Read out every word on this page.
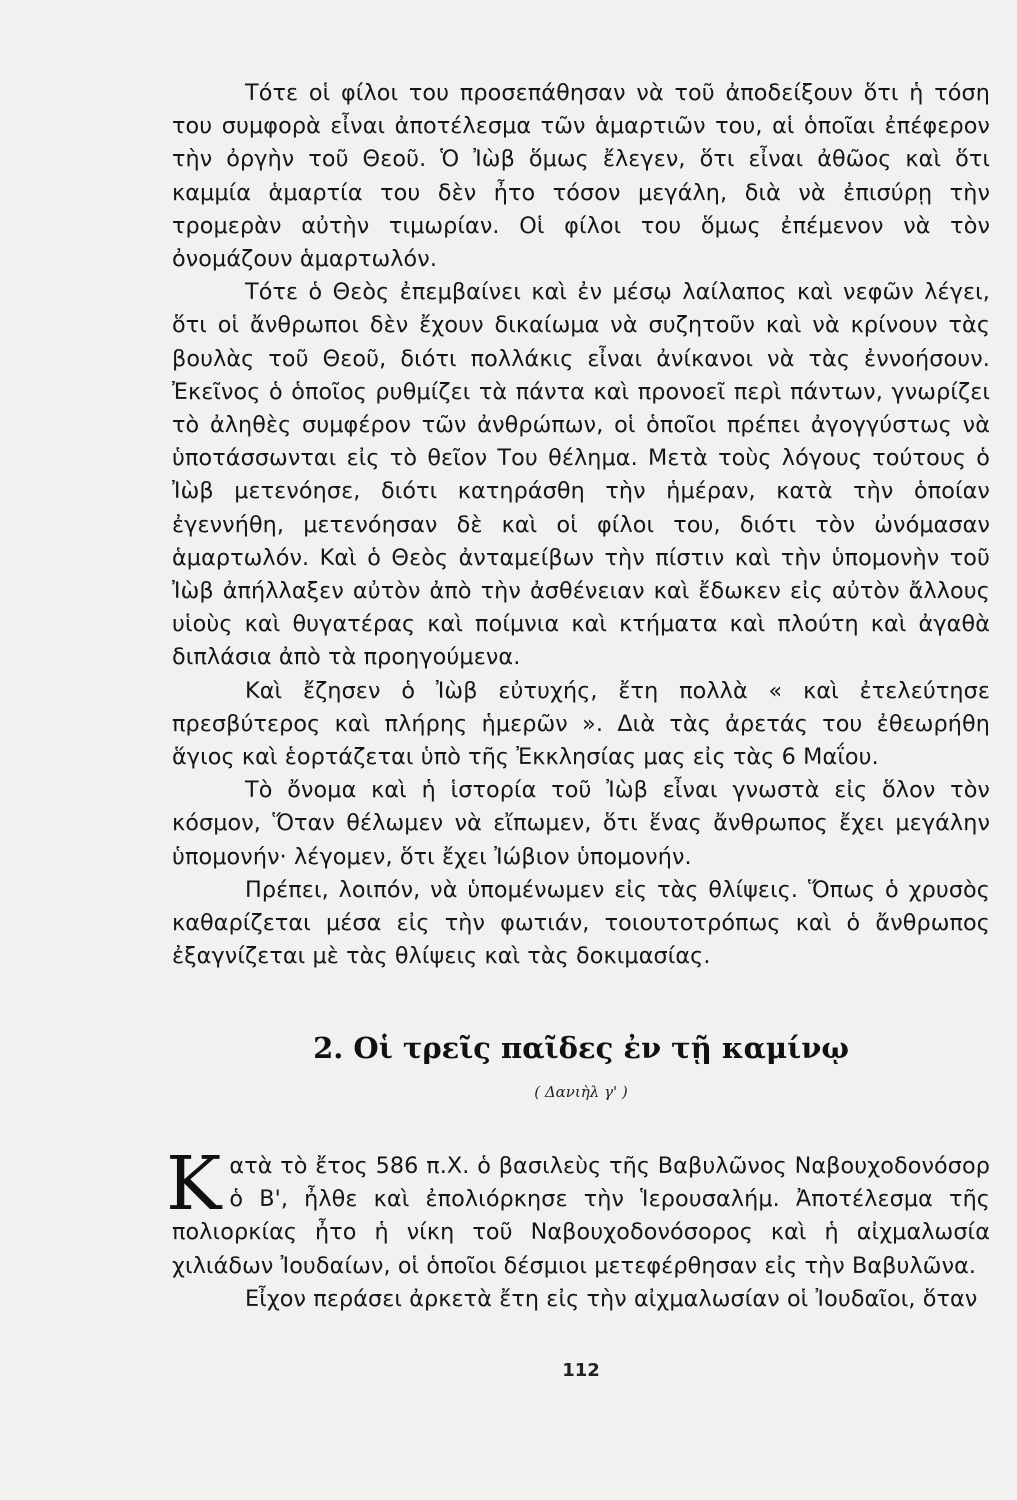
Τότε οἱ φίλοι του προσεπάθησαν νὰ τοῦ ἀποδείξουν ὅτι ἡ τόση του συμφορὰ εἶναι ἀποτέλεσμα τῶν ἁμαρτιῶν του, αἱ ὁποῖαι ἐπέφερον τὴν ὀργὴν τοῦ Θεοῦ. Ὁ Ἰὼβ ὅμως ἔλεγεν, ὅτι εἶναι ἀθῶος καὶ ὅτι καμμία ἁμαρτία του δὲν ἦτο τόσον μεγάλη, διὰ νὰ ἐπισύρῃ τὴν τρομερὰν αὐτὴν τιμωρίαν. Οἱ φίλοι του ὅμως ἐπέμενον νὰ τὸν ὀνομάζουν ἁμαρτωλόν.

Τότε ὁ Θεὸς ἐπεμβαίνει καὶ ἐν μέσῳ λαίλαπος καὶ νεφῶν λέγει, ὅτι οἱ ἄνθρωποι δὲν ἔχουν δικαίωμα νὰ συζητοῦν καὶ νὰ κρίνουν τὰς βουλὰς τοῦ Θεοῦ, διότι πολλάκις εἶναι ἀνίκανοι νὰ τὰς ἐννοήσουν. Ἐκεῖνος ὁ ὁποῖος ρυθμίζει τὰ πάντα καὶ προνοεῖ περὶ πάντων, γνωρίζει τὸ ἀληθὲς συμφέρον τῶν ἀνθρώπων, οἱ ὁποῖοι πρέπει ἀγογγύστως νὰ ὑποτάσσωνται εἰς τὸ θεῖον Του θέλημα. Μετὰ τοὺς λόγους τούτους ὁ Ἰὼβ μετενόησε, διότι κατηράσθη τὴν ἡμέραν, κατὰ τὴν ὁποίαν ἐγεννήθη, μετενόησαν δὲ καὶ οἱ φίλοι του, διότι τὸν ὠνόμασαν ἁμαρτωλόν. Καὶ ὁ Θεὸς ἀνταμείβων τὴν πίστιν καὶ τὴν ὑπομονὴν τοῦ Ἰὼβ ἀπήλλαξεν αὐτὸν ἀπὸ τὴν ἀσθένειαν καὶ ἔδωκεν εἰς αὐτὸν ἄλλους υἱοὺς καὶ θυγατέρας καὶ ποίμνια καὶ κτήματα καὶ πλούτη καὶ ἀγαθὰ διπλάσια ἀπὸ τὰ προηγούμενα.

Καὶ ἔζησεν ὁ Ἰὼβ εὐτυχής, ἔτη πολλὰ « καὶ ἐτελεύτησε πρεσβύτερος καὶ πλήρης ἡμερῶν ». Διὰ τὰς ἀρετάς του ἐθεωρήθη ἅγιος καὶ ἑορτάζεται ὑπὸ τῆς Ἐκκλησίας μας εἰς τὰς 6 Μαΐου.

Τὸ ὄνομα καὶ ἡ ἱστορία τοῦ Ἰὼβ εἶναι γνωστὰ εἰς ὅλον τὸν κόσμον, Ὅταν θέλωμεν νὰ εἴπωμεν, ὅτι ἕνας ἄνθρωπος ἔχει μεγάλην ὑπομονήν· λέγομεν, ὅτι ἔχει Ἰώβιον ὑπομονήν.

Πρέπει, λοιπόν, νὰ ὑπομένωμεν εἰς τὰς θλίψεις. Ὅπως ὁ χρυσὸς καθαρίζεται μέσα εἰς τὴν φωτιάν, τοιουτοτρόπως καὶ ὁ ἄνθρωπος ἐξαγνίζεται μὲ τὰς θλίψεις καὶ τὰς δοκιμασίας.

2. Οἱ τρεῖς παῖδες ἐν τῇ καμίνῳ
( Δανιὴλ γ' )

Κατὰ τὸ ἔτος 586 π.Χ. ὁ βασιλεὺς τῆς Βαβυλῶνος Ναβουχοδονόσορ ὁ Β', ἦλθε καὶ ἐπολιόρκησε τὴν Ἱερουσαλήμ. Ἀποτέλεσμα τῆς πολιορκίας ἦτο ἡ νίκη τοῦ Ναβουχοδονόσορος καὶ ἡ αἰχμαλωσία χιλιάδων Ἰουδαίων, οἱ ὁποῖοι δέσμιοι μετεφέρθησαν εἰς τὴν Βαβυλῶνα.

Εἶχον περάσει ἀρκετὰ ἔτη εἰς τὴν αἰχμαλωσίαν οἱ Ἰουδαῖοι, ὅταν

112
